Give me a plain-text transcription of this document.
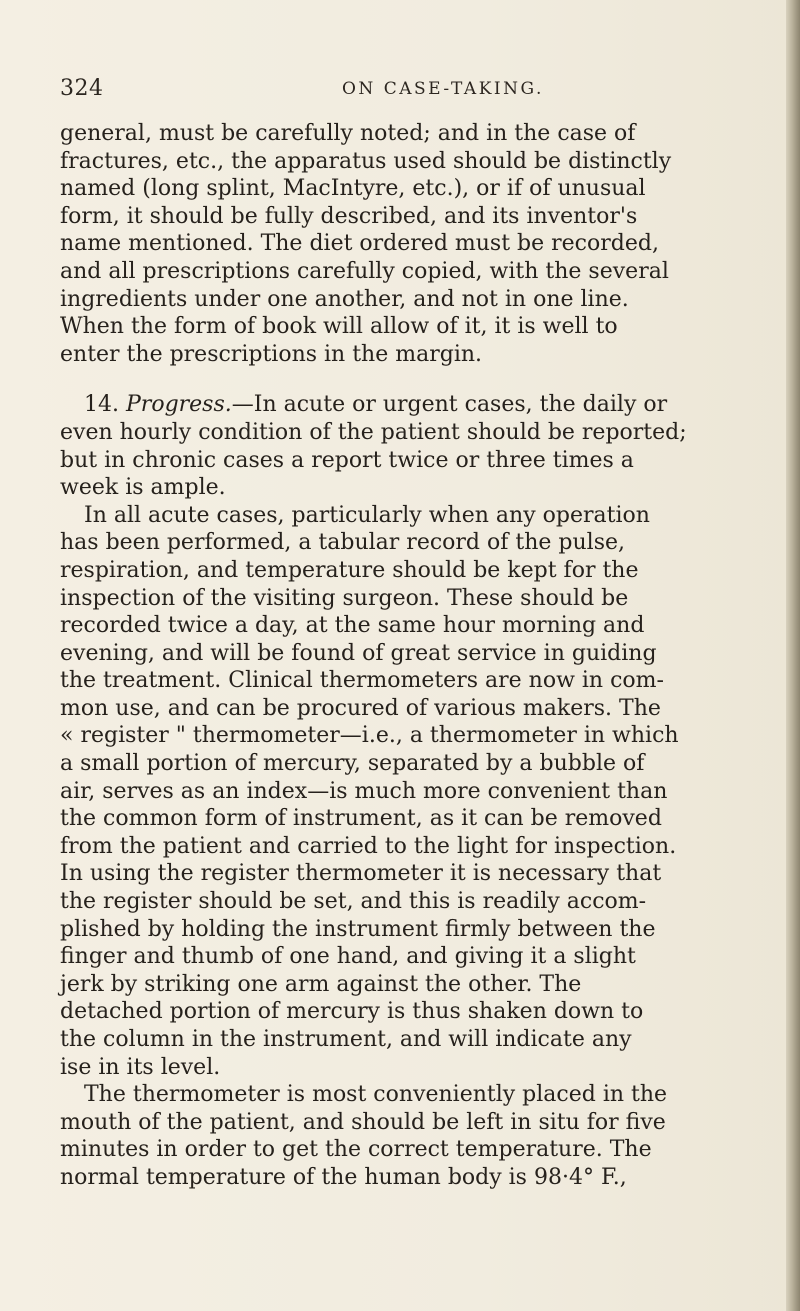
324	ON CASE-TAKING.
general, must be carefully noted; and in the case of
fractures, etc., the apparatus used should be distinctly
named (long splint, MacIntyre, etc.), or if of unusual
form, it should be fully described, and its inventor's
name mentioned. The diet ordered must be recorded,
and all prescriptions carefully copied, with the several
ingredients under one another, and not in one line.
When the form of book will allow of it, it is well to
enter the prescriptions in the margin.
14. Progress.—In acute or urgent cases, the daily or
even hourly condition of the patient should be reported;
but in chronic cases a report twice or three times a
week is ample.
In all acute cases, particularly when any operation
has been performed, a tabular record of the pulse,
respiration, and temperature should be kept for the
inspection of the visiting surgeon. These should be
recorded twice a day, at the same hour morning and
evening, and will be found of great service in guiding
the treatment. Clinical thermometers are now in com-
mon use, and can be procured of various makers. The
« register " thermometer—i.e., a thermometer in which
a small portion of mercury, separated by a bubble of
air, serves as an index—is much more convenient than
the common form of instrument, as it can be removed
from the patient and carried to the light for inspection.
In using the register thermometer it is necessary that
the register should be set, and this is readily accom-
plished by holding the instrument firmly between the
finger and thumb of one hand, and giving it a slight
jerk by striking one arm against the other. The
detached portion of mercury is thus shaken down to
the column in the instrument, and will indicate any
ise in its level.
The thermometer is most conveniently placed in the
mouth of the patient, and should be left in situ for five
minutes in order to get the correct temperature. The
normal temperature of the human body is 98·4° F.,
